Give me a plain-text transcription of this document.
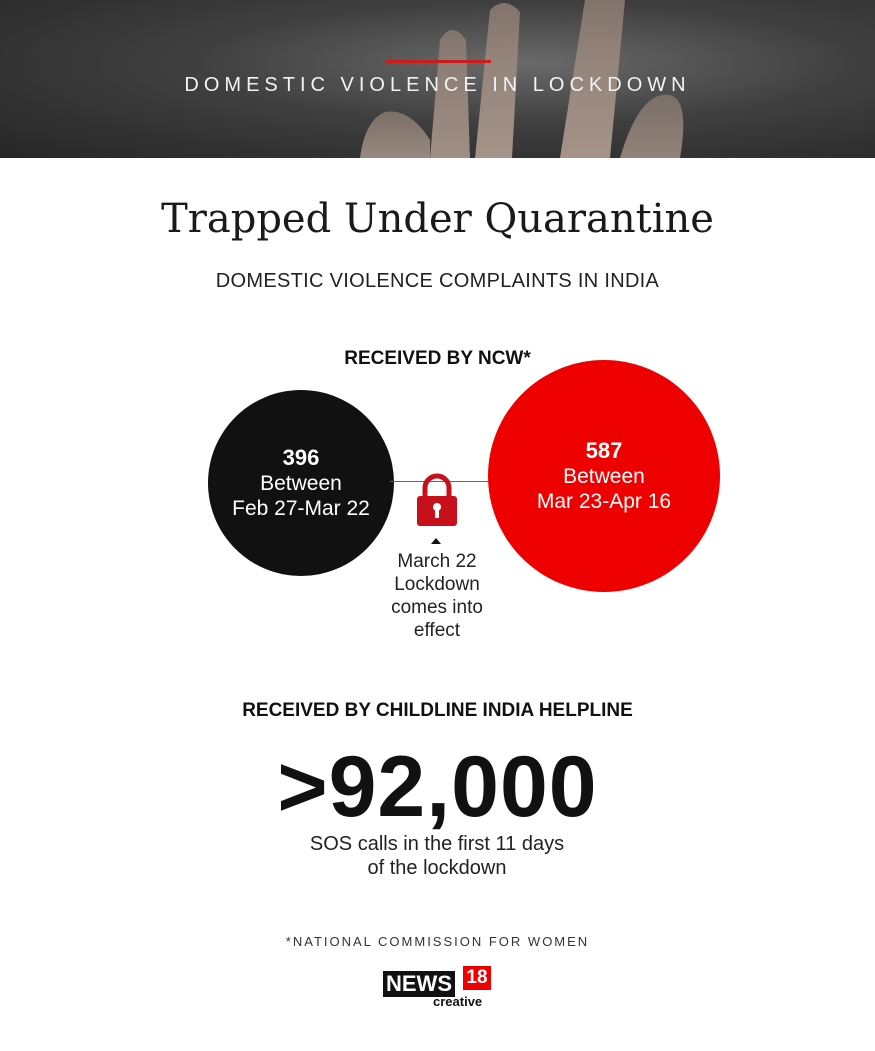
DOMESTIC VIOLENCE IN LOCKDOWN
Trapped Under Quarantine
DOMESTIC VIOLENCE COMPLAINTS IN INDIA
RECEIVED BY NCW*
396
Between
Feb 27-Mar 22
587
Between
Mar 23-Apr 16
March 22
Lockdown
comes into
effect
RECEIVED BY CHILDLINE INDIA HELPLINE
>92,000
SOS calls in the first 11 days
of the lockdown
*NATIONAL COMMISSION FOR WOMEN
NEWS 18
creative
